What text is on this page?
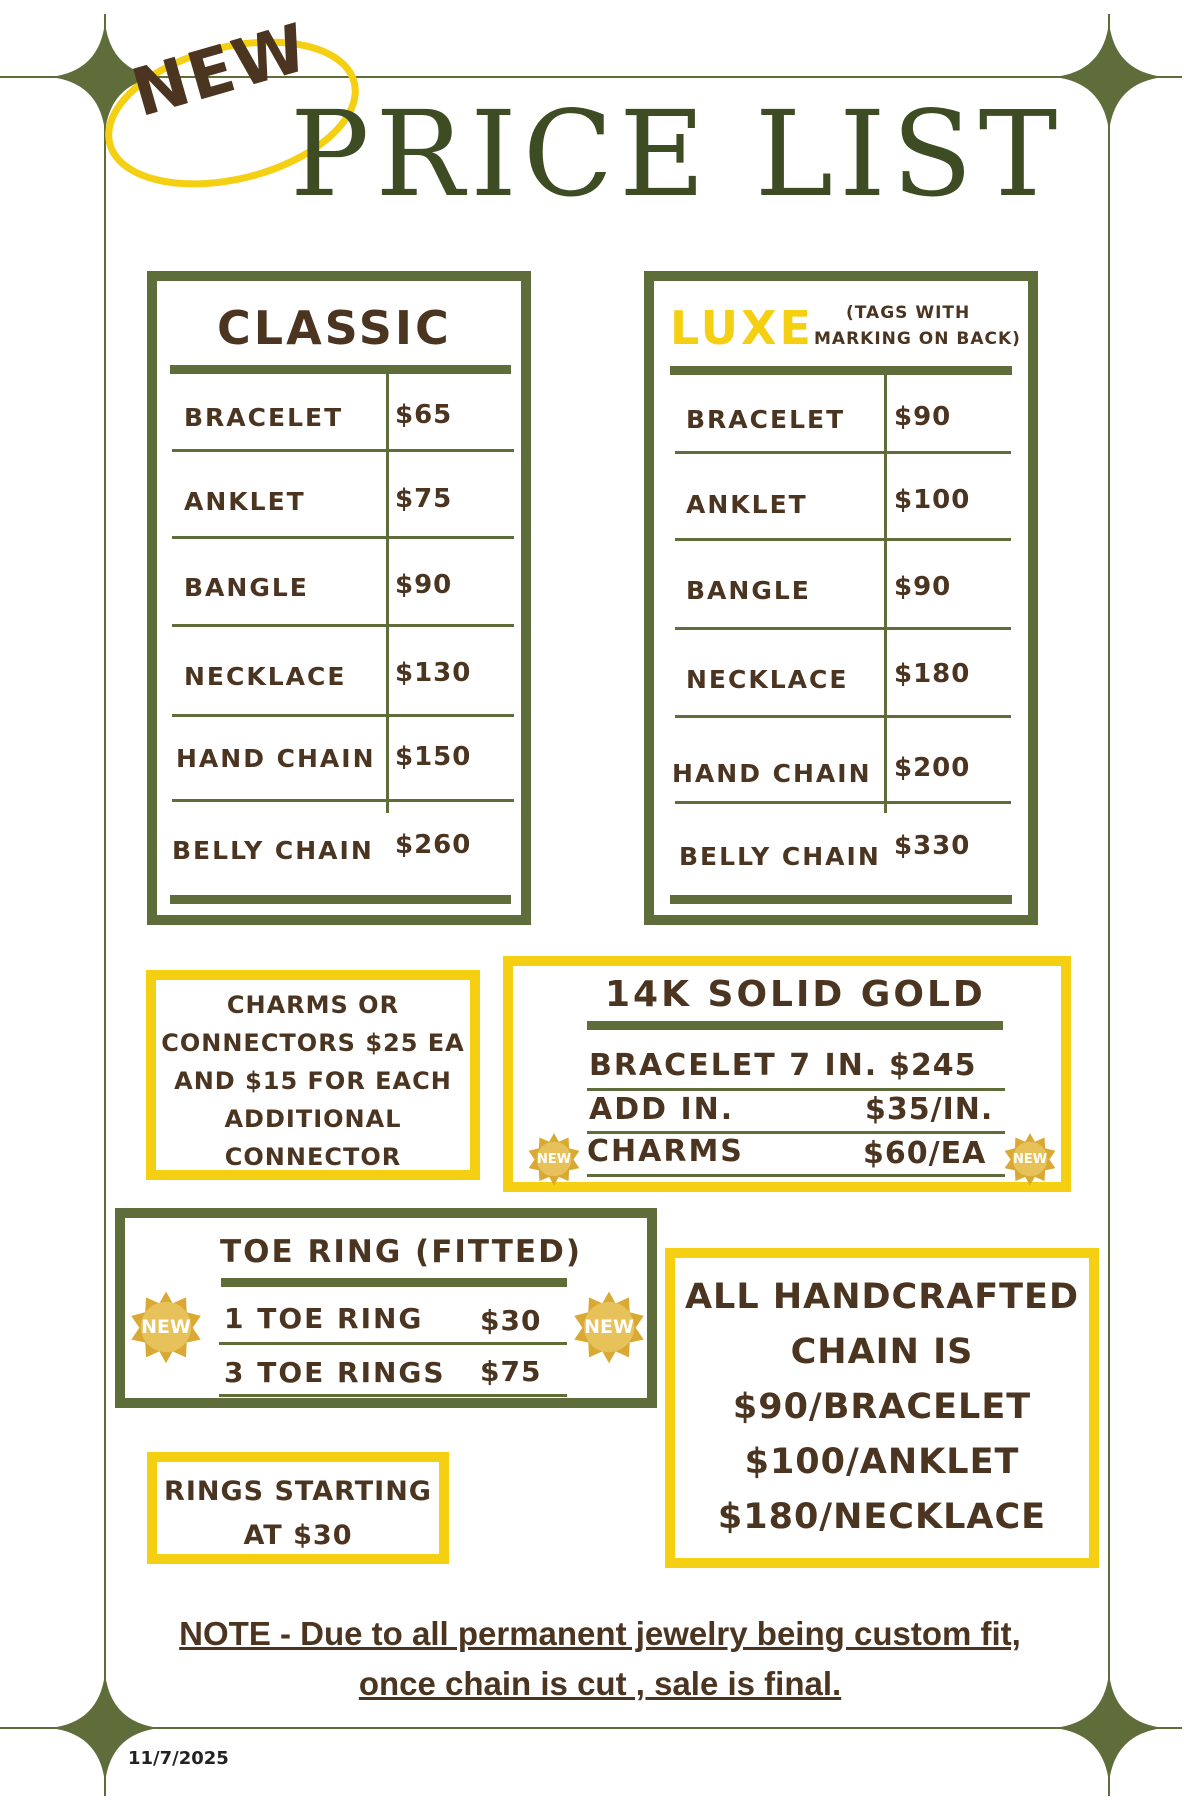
NEW
PRICE LIST
CLASSIC
BRACELET $65
ANKLET	$75
BANGLE	$90
NECKLACE $130
HAND CHAIN $150
BELLY CHAIN $260
LUXE (TAGS WITH
MARKING ON BACK)
BRACELET $90
ANKLET	$100
BANGLE	$90
NECKLACE $180
HAND CHAIN $200
BELLY CHAIN $330
CHARMS OR
CONNECTORS $25 EA
AND $15 FOR EACH
ADDITIONAL
CONNECTOR
14K SOLID GOLD
BRACELET 7 IN. $245
ADD IN.	$35/IN.
CHARMS	$60/EA
NEW	NEW
TOE RING (FITTED)
1 TOE RING $30
3 TOE RINGS $75
NEW	NEW
ALL HANDCRAFTED
CHAIN IS
$90/BRACELET
$100/ANKLET
$180/NECKLACE
RINGS STARTING
AT $30
NOTE - Due to all permanent jewelry being custom fit,
once chain is cut , sale is final.
11/7/2025
